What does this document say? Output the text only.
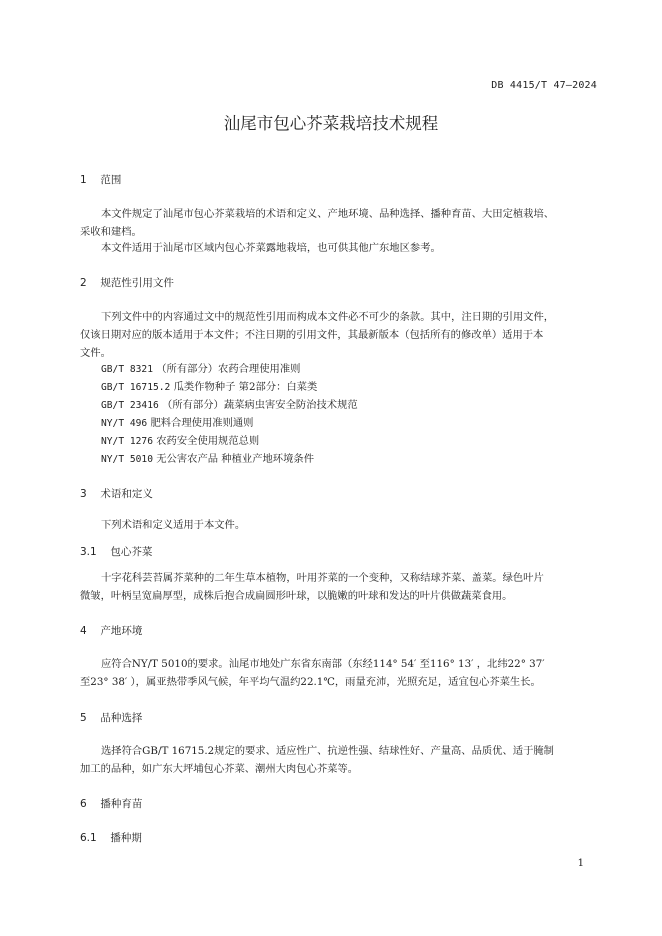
DB 4415/T 47—2024
汕尾市包心芥菜栽培技术规程
1 范围
本文件规定了汕尾市包心芥菜栽培的术语和定义、产地环境、品种选择、播种育苗、大田定植栽培、
采收和建档。
本文件适用于汕尾市区域内包心芥菜露地栽培，也可供其他广东地区参考。
2 规范性引用文件
下列文件中的内容通过文中的规范性引用而构成本文件必不可少的条款。其中，注日期的引用文件，
仅该日期对应的版本适用于本文件；不注日期的引用文件，其最新版本（包括所有的修改单）适用于本
文件。
GB/T 8321 （所有部分）农药合理使用准则
GB/T 16715.2 瓜类作物种子 第2部分：白菜类
GB/T 23416 （所有部分）蔬菜病虫害安全防治技术规范
NY/T 496 肥料合理使用准则通则
NY/T 1276 农药安全使用规范总则
NY/T 5010 无公害农产品 种植业产地环境条件
3 术语和定义
下列术语和定义适用于本文件。
3.1 包心芥菜
十字花科芸苔属芥菜种的二年生草本植物，叶用芥菜的一个变种，又称结球芥菜、盖菜。绿色叶片
微皱，叶柄呈宽扁厚型，成株后抱合成扁圆形叶球，以脆嫩的叶球和发达的叶片供做蔬菜食用。
4 产地环境
应符合NY/T 5010的要求。汕尾市地处广东省东南部（东经114° 54′ 至116° 13′ ，北纬22° 37′
至23° 38′ ），属亚热带季风气候，年平均气温约22.1℃，雨量充沛，光照充足，适宜包心芥菜生长。
5 品种选择
选择符合GB/T 16715.2规定的要求、适应性广、抗逆性强、结球性好、产量高、品质优、适于腌制
加工的品种，如广东大坪埔包心芥菜、潮州大肉包心芥菜等。
6 播种育苗
6.1 播种期
1
